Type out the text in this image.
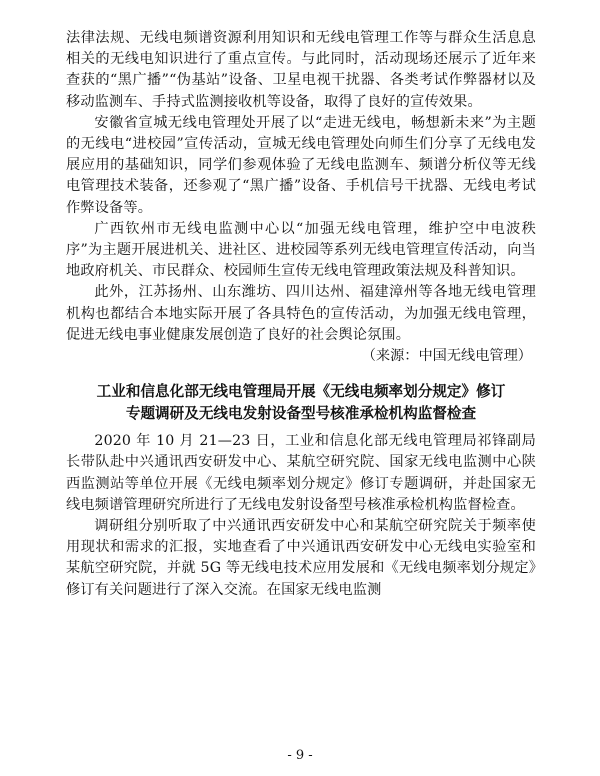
法律法规、无线电频谱资源利用知识和无线电管理工作等与群众生活息息相关的无线电知识进行了重点宣传。与此同时，活动现场还展示了近年来查获的“黑广播”“伪基站”设备、卫星电视干扰器、各类考试作弊器材以及移动监测车、手持式监测接收机等设备，取得了良好的宣传效果。

安徽省宣城无线电管理处开展了以“走进无线电，畅想新未来”为主题的无线电“进校园”宣传活动，宣城无线电管理处向师生们分享了无线电发展应用的基础知识，同学们参观体验了无线电监测车、频谱分析仪等无线电管理技术装备，还参观了“黑广播”设备、手机信号干扰器、无线电考试作弊设备等。

广西钦州市无线电监测中心以“加强无线电管理，维护空中电波秩序”为主题开展进机关、进社区、进校园等系列无线电管理宣传活动，向当地政府机关、市民群众、校园师生宣传无线电管理政策法规及科普知识。

此外，江苏扬州、山东潍坊、四川达州、福建漳州等各地无线电管理机构也都结合本地实际开展了各具特色的宣传活动，为加强无线电管理，促进无线电事业健康发展创造了良好的社会舆论氛围。

（来源：中国无线电管理）

工业和信息化部无线电管理局开展《无线电频率划分规定》修订
专题调研及无线电发射设备型号核准承检机构监督检查

2020 年 10 月 21—23 日，工业和信息化部无线电管理局祁锋副局长带队赴中兴通讯西安研发中心、某航空研究院、国家无线电监测中心陕西监测站等单位开展《无线电频率划分规定》修订专题调研，并赴国家无线电频谱管理研究所进行了无线电发射设备型号核准承检机构监督检查。

调研组分别听取了中兴通讯西安研发中心和某航空研究院关于频率使用现状和需求的汇报，实地查看了中兴通讯西安研发中心无线电实验室和某航空研究院，并就 5G 等无线电技术应用发展和《无线电频率划分规定》修订有关问题进行了深入交流。在国家无线电监测

- 9 -
